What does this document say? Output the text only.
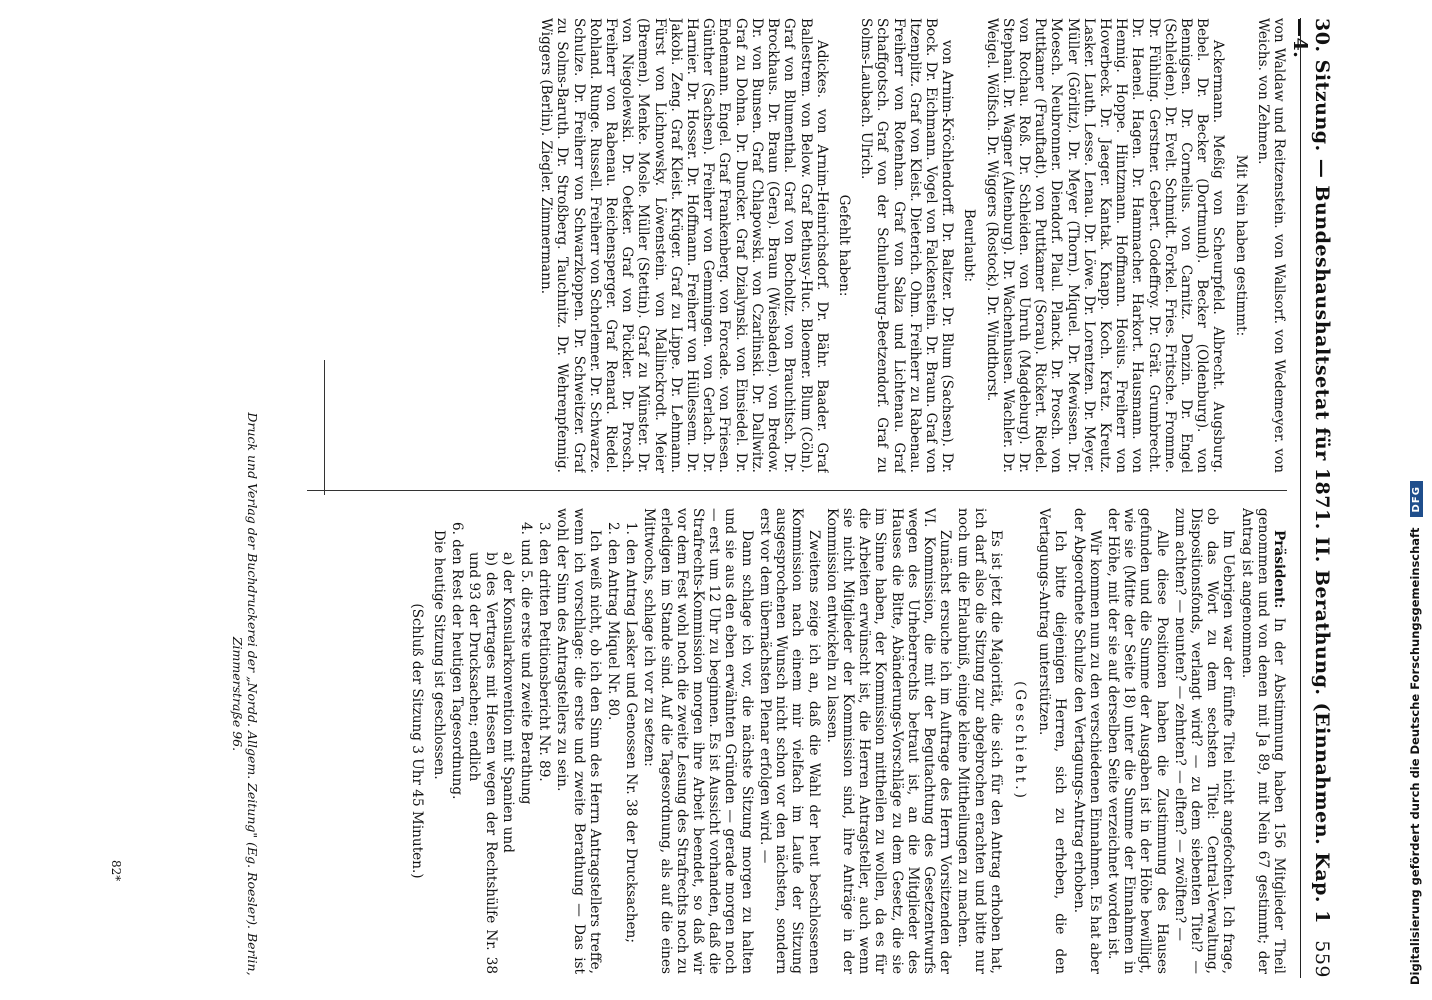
30. Sitzung. — Bundeshaushaltsetat für 1871. II. Berathung. (Einnahmen. Kap. 1—4.
559

von Waldaw und Reitzenstein. von Wallsorf. von Wedemeyer. von Weichs. von Zehmen.

Mit Nein haben gestimmt:

Ackermann. Meßig von Scheurpfeld. Albrecht. Augsburg. Bebel. Dr. Becker (Dortmund). Becker (Oldenburg). von Bennigsen. Dr. Cornelius. von Carnitz. Denzin. Dr. Engel (Schleiden). Dr. Evelt. Schmidt. Forkel. Fries. Fritsche. Fromme. Dr. Fühling. Gerstner. Gebert. Godeffroy. Dr. Grät. Grumbrecht. Dr. Haenel. Hagen. Dr. Hammacher. Harkort. Hausmann. von Hennig. Hoppe. Hintzmann. Hoffmann. Hosius. Freiherr von Hoverbeck. Dr. Jaeger. Kantak. Knapp. Koch. Kratz. Kreutz. Lasker. Lauth. Lesse. Lenau. Dr. Löwe. Dr. Lorentzen. Dr. Meyer. Müller (Görlitz). Dr. Meyer (Thorn). Miquel. Dr. Mewissen. Dr. Moesch. Neubronner. Diendorf. Plaul. Planck. Dr. Prosch. von Puttkamer (Frauftadt). von Puttkamer (Sorau). Rickert. Riedel. von Rochau. Roß. Dr. Schleiden. von Unruh (Magdeburg). Dr. Stephani. Dr. Wagner (Altenburg). Dr. Wachenhusen. Wachler. Dr. Weigel. Wölfsch. Dr. Wiggers (Rostock). Dr. Windthorst.

Beurlaubt:

von Arnim-Kröchlendorff. Dr. Baltzer. Dr. Blum (Sachsen). Dr. Bock. Dr. Eichmann. Vogel von Falckenstein. Dr. Braun. Graf von Itzenplitz. Graf von Kleist. Dieterich. Ohm. Freiherr zu Rabenau. Freiherr von Rotenhan. Graf von Salza und Lichtenau. Graf Schaffgotsch. Graf von der Schulenburg-Beetzendorf. Graf zu Solms-Laubach. Ulrich.

Gefehlt haben:

Adickes. von Arnim-Heinrichsdorf. Dr. Bähr. Baader. Graf Ballestrem. von Below. Graf Bethusy-Huc. Bloemer. Blum (Cöln). Graf von Blumenthal. Graf von Bocholtz. von Brauchitsch. Dr. Brockhaus. Dr. Braun (Gera). Braun (Wiesbaden). von Bredow. Dr. von Bunsen. Graf Chlapowski. von Czarlinski. Dr. Dallwitz. Graf zu Dohna. Dr. Duncker. Graf Dzialynski. von Einsiedel. Dr. Endemann. Engel. Graf Frankenberg. von Forcade. von Friesen. Günther (Sachsen). Freiherr von Gemmingen. von Gerlach. Dr. Harnier. Dr. Hosser. Dr. Hoffmann. Freiherr von Hüllessem. Dr. Jakobi. Zeng. Graf Kleist. Krüger. Graf zu Lippe. Dr. Lehmann. Fürst von Lichnowsky. Löwenstein. von Mallinckrodt. Meier (Bremen). Menke. Mosle. Müller (Stettin). Graf zu Münster. Dr. von Niegolewski. Dr. Oetker. Graf von Pückler. Dr. Prosch. Freiherr von Rabenau. Reichensperger. Graf Renard. Riedel. Rohland. Runge. Russell. Freiherr von Schorlemer. Dr. Schwarze. Schulze. Dr. Freiherr von Schwarzkoppen. Dr. Schweitzer. Graf zu Solms-Baruth. Dr. Stroßberg. Tauchnitz. Dr. Wehrenpfennig. Wiggers (Berlin). Ziegler. Zimmermann.

Präsident: In der Abstimmung haben 156 Mitglieder Theil genommen und von denen mit Ja 89, mit Nein 67 gestimmt; der Antrag ist angenommen.

Im Uebrigen war der fünfte Titel nicht angefochten. Ich frage, ob das Wort zu dem sechsten Titel: Central-Verwaltung, Dispositionsfonds, verlangt wird? — zu dem siebenten Titel? — zum achten? — neunten? — zehnten? — elften? — zwölften? —

Alle diese Positionen haben die Zustimmung des Hauses gefunden und die Summe der Ausgaben ist in der Höhe bewilligt, wie sie (Mitte der Seite 18) unter die Summe der Einnahmen in der Höhe, mit der sie auf derselben Seite verzeichnet worden ist.

Wir kommen nun zu den verschiedenen Einnahmen. Es hat aber der Abgeordnete Schulze den Vertagungs-Antrag erhoben.

Ich bitte diejenigen Herren, sich zu erheben, die den Vertagungs-Antrag unterstützen.

(Geschieht.)

Es ist jetzt die Majorität, die sich für den Antrag erhoben hat, ich darf also die Sitzung zur abgebrochen erachten und bitte nur noch um die Erlaubniß, einige kleine Mittheilungen zu machen.

Zunächst ersuche ich im Auftrage des Herrn Vorsitzenden der VI. Kommission, die mit der Begutachtung des Gesetzentwurfs wegen des Urheberrechts betraut ist, an die Mitglieder des Hauses die Bitte, Abänderungs-Vorschläge zu dem Gesetz, die sie im Sinne haben, der Kommission mittheilen zu wollen, da es für die Arbeiten erwünscht ist, die Herren Antragsteller, auch wenn sie nicht Mitglieder der Kommission sind, ihre Anträge in der Kommission entwickeln zu lassen.

Zweitens zeige ich an, daß die Wahl der heut beschlossenen Kommission nach einem mir vielfach im Laufe der Sitzung ausgesprochenen Wunsch nicht schon vor den nächsten, sondern erst vor dem übernächsten Plenar erfolgen wird. —

Dann schlage ich vor, die nächste Sitzung morgen zu halten und sie aus den eben erwähnten Gründen — gerade morgen noch — erst um 12 Uhr zu beginnen. Es ist Aussicht vorhanden, daß die Strafrechts-Kommission morgen ihre Arbeit beendet, so daß wir vor dem Fest wohl noch die zweite Lesung des Strafrechts noch zu erledigen im Stande sind. Auf die Tagesordnung, als auf die eines Mittwochs, schlage ich vor zu setzen:

1. den Antrag Lasker und Genossen Nr. 38 der Drucksachen;

2. den Antrag Miquel Nr. 80.

Ich weiß nicht, ob ich den Sinn des Herrn Antragstellers treffe, wenn ich vorschlage: die erste und zweite Berathung — Das ist wohl der Sinn des Antragstellers zu sein.

3. den dritten Petitionsbericht Nr. 89.

4. und 5. die erste und zweite Berathung

a) der Konsularkonvention mit Spanien und

b) des Vertrages mit Hessen wegen der Rechtshülfe Nr. 38 und 93 der Drucksachen; endlich

6. den Rest der heutigen Tagesordnung.

Die heutige Sitzung ist geschlossen.

(Schluß der Sitzung 3 Uhr 45 Minuten.)

Druck und Verlag der Buchdruckerei der „Nordd. Allgem. Zeitung" (Eg. Roesler). Berlin, Zimmerstraße 96.
82*	Digitalisierung gefördert durch die Deutsche ForschungsgemeinschaftDFG
